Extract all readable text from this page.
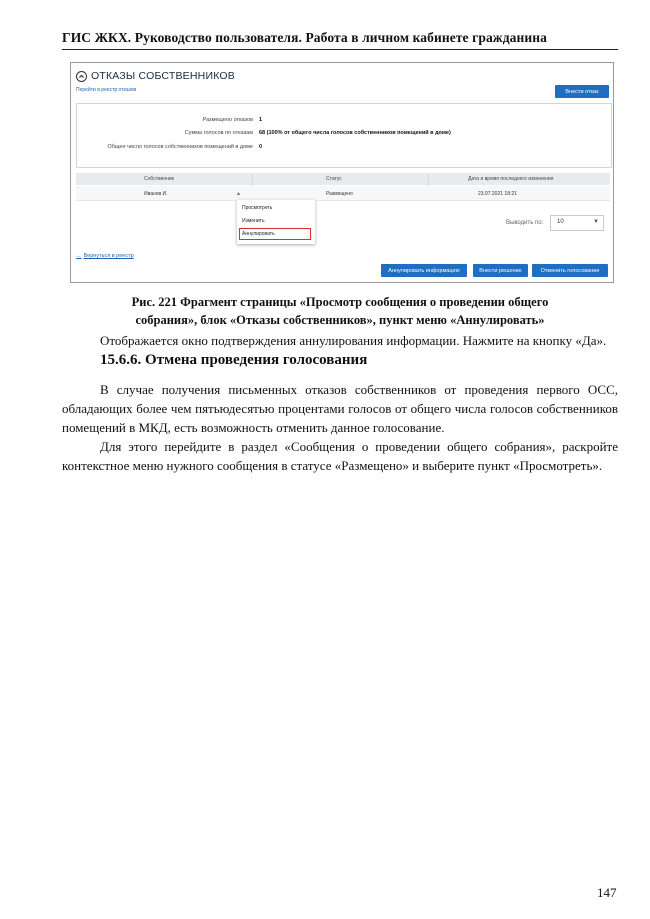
ГИС ЖКХ. Руководство пользователя. Работа в личном кабинете гражданина
ОТКАЗЫ СОБСТВЕННИКОВ
Перейти в реестр отказов	Внести отказ
Размещено отказов 1
Сумма голосов по отказам 68 (100% от общего числа голосов собственников помещений в доме)
Общее число голосов собственников помещений в доме 0
Собственник	Статус	Дата и время последнего изменения
Иванов И.	▴	Размещено	23.07.2021 18:21
Просмотреть
Изменить
Аннулировать
Выводить по: 10	▼
← Вернуться в реестр
Аннулировать информацию	Внести решение	Отменить голосование
Рис. 221 Фрагмент страницы «Просмотр сообщения о проведении общего
собрания», блок «Отказы собственников», пункт меню «Аннулировать»
Отображается окно подтверждения аннулирования информации. Нажмите на кнопку «Да».
15.6.6. Отмена проведения голосования
В случае получения письменных отказов собственников от проведения первого ОСС, обладающих более чем пятьюдесятью процентами голосов от общего числа голосов собственников помещений в МКД, есть возможность отменить данное голосование.
Для этого перейдите в раздел «Сообщения о проведении общего собрания», раскройте контекстное меню нужного сообщения в статусе «Размещено» и выберите пункт «Просмотреть».
147
